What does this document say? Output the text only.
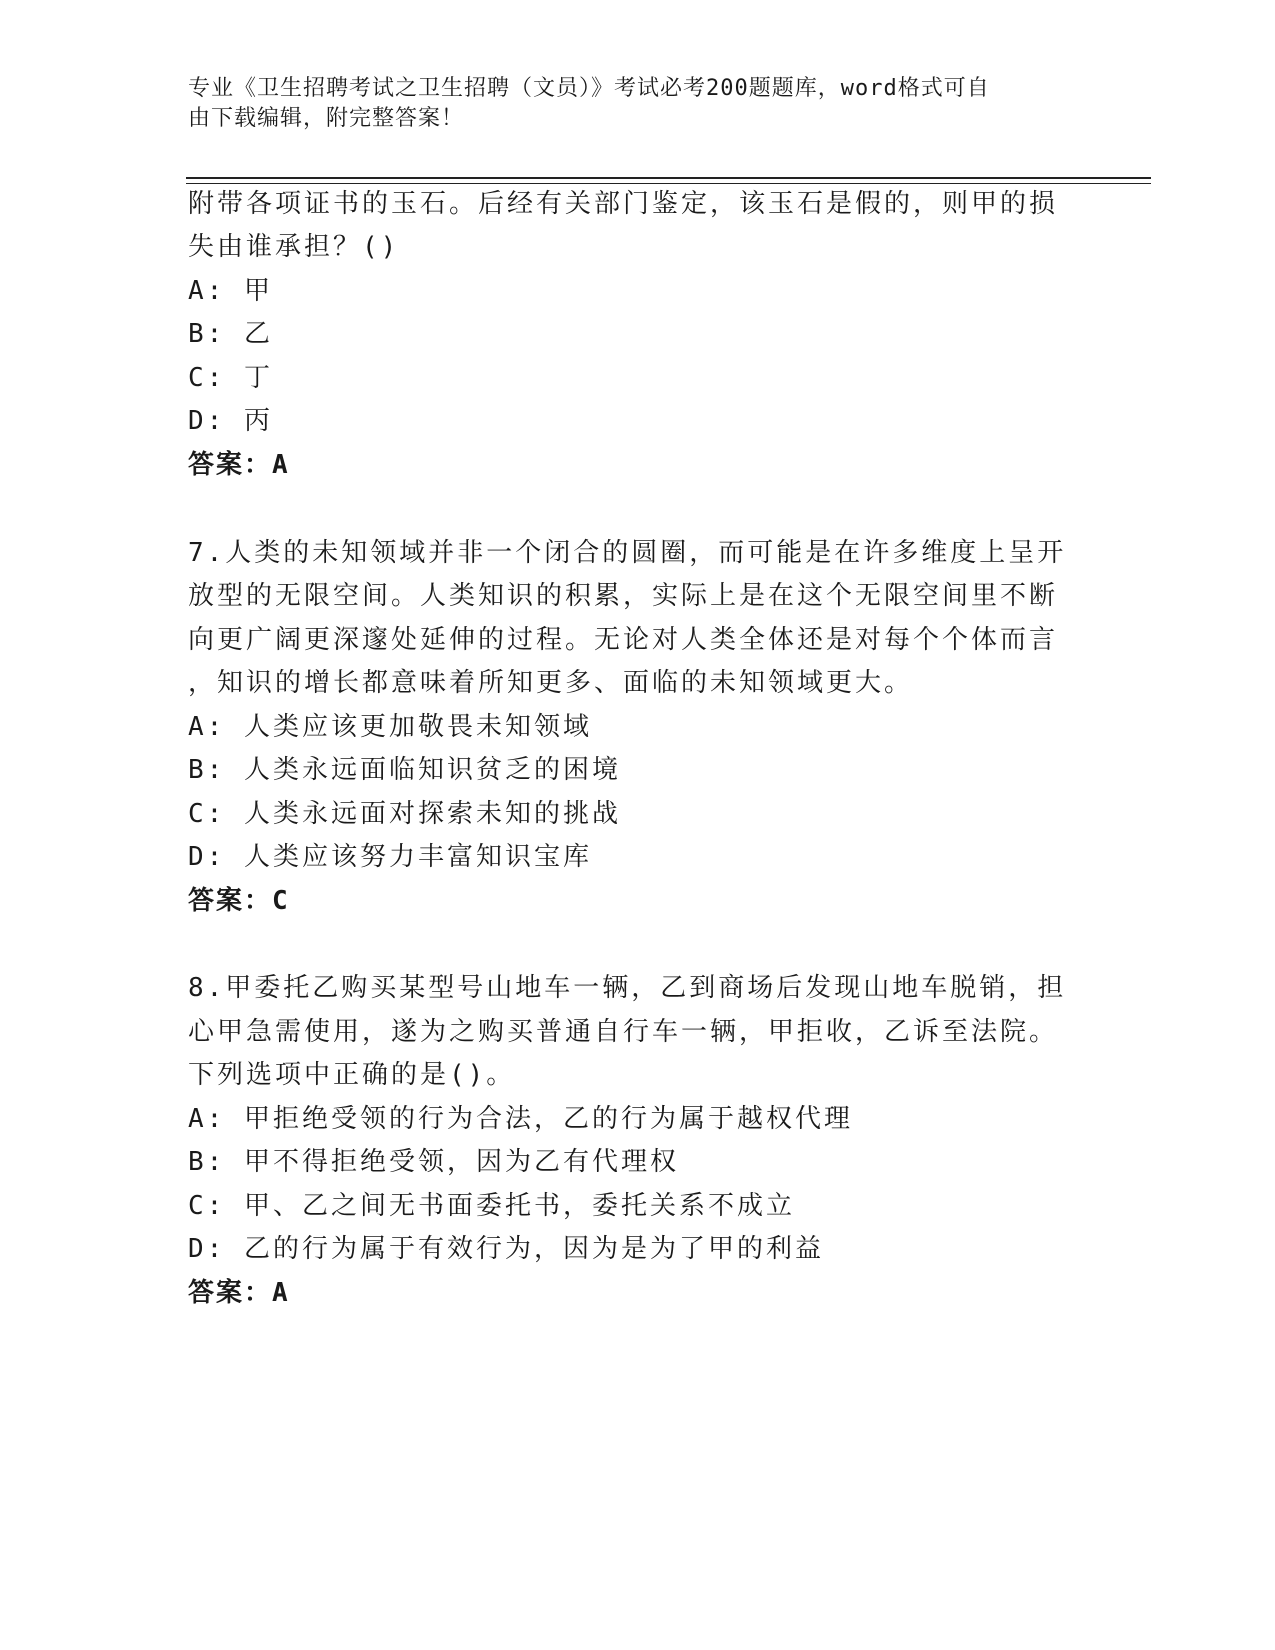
专业《卫生招聘考试之卫生招聘（文员）》考试必考200题题库，word格式可自
由下载编辑，附完整答案！
附带各项证书的玉石。后经有关部门鉴定，该玉石是假的，则甲的损
失由谁承担？()
A: 甲
B: 乙
C: 丁
D: 丙
答案：A
7.人类的未知领域并非一个闭合的圆圈，而可能是在许多维度上呈开
放型的无限空间。人类知识的积累，实际上是在这个无限空间里不断
向更广阔更深邃处延伸的过程。无论对人类全体还是对每个个体而言
，知识的增长都意味着所知更多、面临的未知领域更大。
A: 人类应该更加敬畏未知领域
B: 人类永远面临知识贫乏的困境
C: 人类永远面对探索未知的挑战
D: 人类应该努力丰富知识宝库
答案：C
8.甲委托乙购买某型号山地车一辆，乙到商场后发现山地车脱销，担
心甲急需使用，遂为之购买普通自行车一辆，甲拒收，乙诉至法院。
下列选项中正确的是()。
A: 甲拒绝受领的行为合法，乙的行为属于越权代理
B: 甲不得拒绝受领，因为乙有代理权
C: 甲、乙之间无书面委托书，委托关系不成立
D: 乙的行为属于有效行为，因为是为了甲的利益
答案：A
